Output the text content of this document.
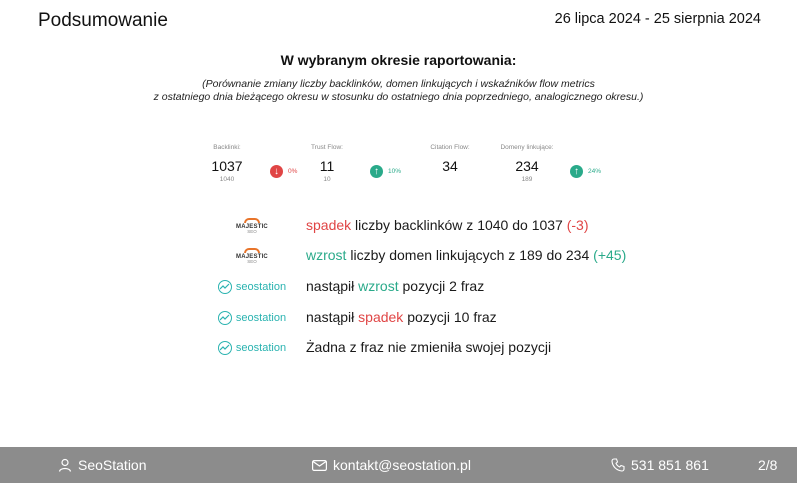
Podsumowanie	26 lipca 2024 - 25 sierpnia 2024
W wybranym okresie raportowania:
(Porównanie zmiany liczby backlinków, domen linkujących i wskaźników flow metrics
z ostatniego dnia bieżącego okresu w stosunku do ostatniego dnia poprzedniego, analogicznego okresu.)
Backlinki:
1037
1040
↓	0%
Trust Flow:
11
10
↑	10%
Citation Flow:
34
Domeny linkujące:
234
189
↑	24%
MAJESTIC
SEO	spadek liczby backlinków z 1040 do 1037 (-3)
MAJESTIC
SEO	wzrost liczby domen linkujących z 189 do 234 (+45)
seostation nastąpił wzrost pozycji 2 fraz
seostation nastąpił spadek pozycji 10 fraz
seostation Żadna z fraz nie zmieniła swojej pozycji
SeoStation	kontakt@seostation.pl	531 851 861	2/8
